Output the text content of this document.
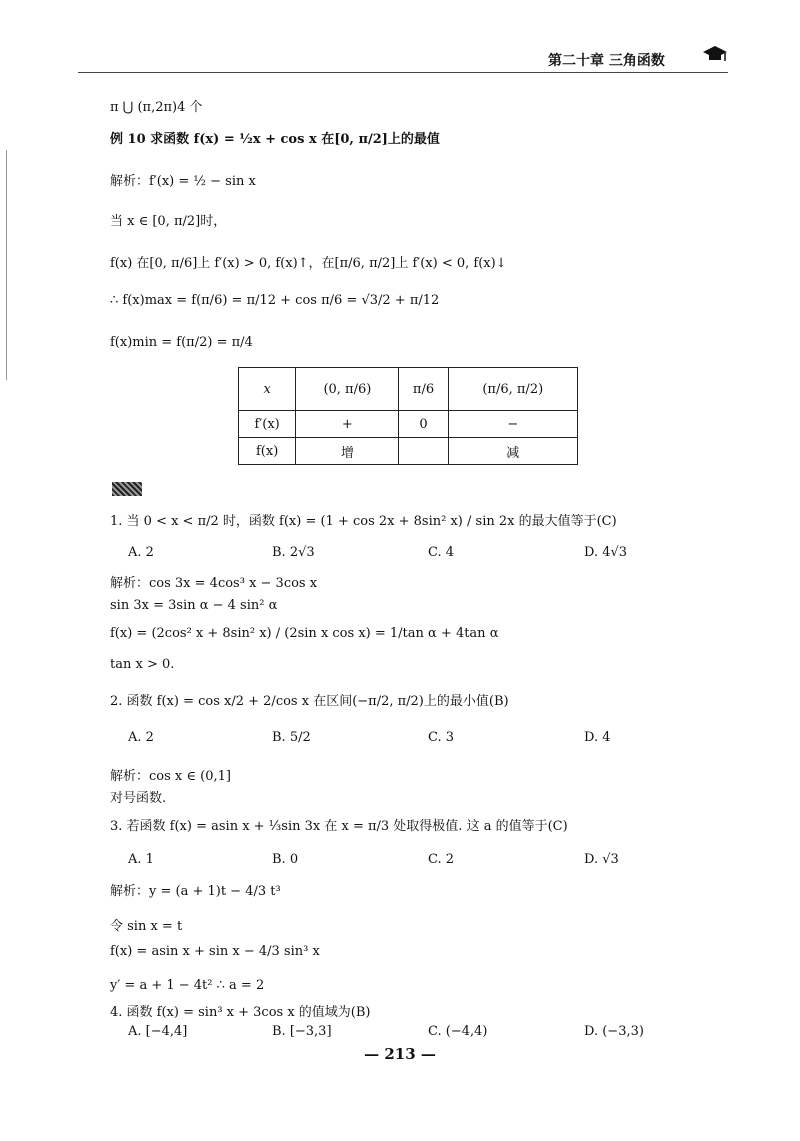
第二十章 三角函数
π ⋃ (π,2π)4 个
例 10 求函数 f(x) = ½x + cos x 在[0, π/2]上的最值
解析：f′(x) = ½ − sin x
当 x ∈ [0, π/2]时，
f(x) 在[0, π/6]上 f′(x) > 0, f(x)↑，在[π/6, π/2]上 f′(x) < 0, f(x)↓
∴ f(x)max = f(π/6) = π/12 + cos π/6 = √3/2 + π/12
f(x)min = f(π/2) = π/4
x	(0, π/6)	π/6	(π/6, π/2)
f′(x)	+	0	−
f(x)	增		减
1. 当 0 < x < π/2 时，函数 f(x) = (1 + cos 2x + 8sin² x) / sin 2x 的最大值等于(C)
A. 2	B. 2√3	C. 4	D. 4√3
解析：cos 3x = 4cos³ x − 3cos x
sin 3x = 3sin α − 4 sin² α
f(x) = (2cos² x + 8sin² x) / (2sin x cos x) = 1/tan α + 4tan α
tan x > 0.
2. 函数 f(x) = cos x/2 + 2/cos x 在区间(−π/2, π/2)上的最小值(B)
A. 2	B. 5/2	C. 3	D. 4
解析：cos x ∈ (0,1]
对号函数.
3. 若函数 f(x) = asin x + ⅓sin 3x 在 x = π/3 处取得极值. 这 a 的值等于(C)
A. 1	B. 0	C. 2	D. √3
解析：y = (a + 1)t − 4/3 t³
令 sin x = t
f(x) = asin x + sin x − 4/3 sin³ x
y′ = a + 1 − 4t² ∴ a = 2
4. 函数 f(x) = sin³ x + 3cos x 的值域为(B)
A. [−4,4]	B. [−3,3]	C. (−4,4)	D. (−3,3)
— 213 —
